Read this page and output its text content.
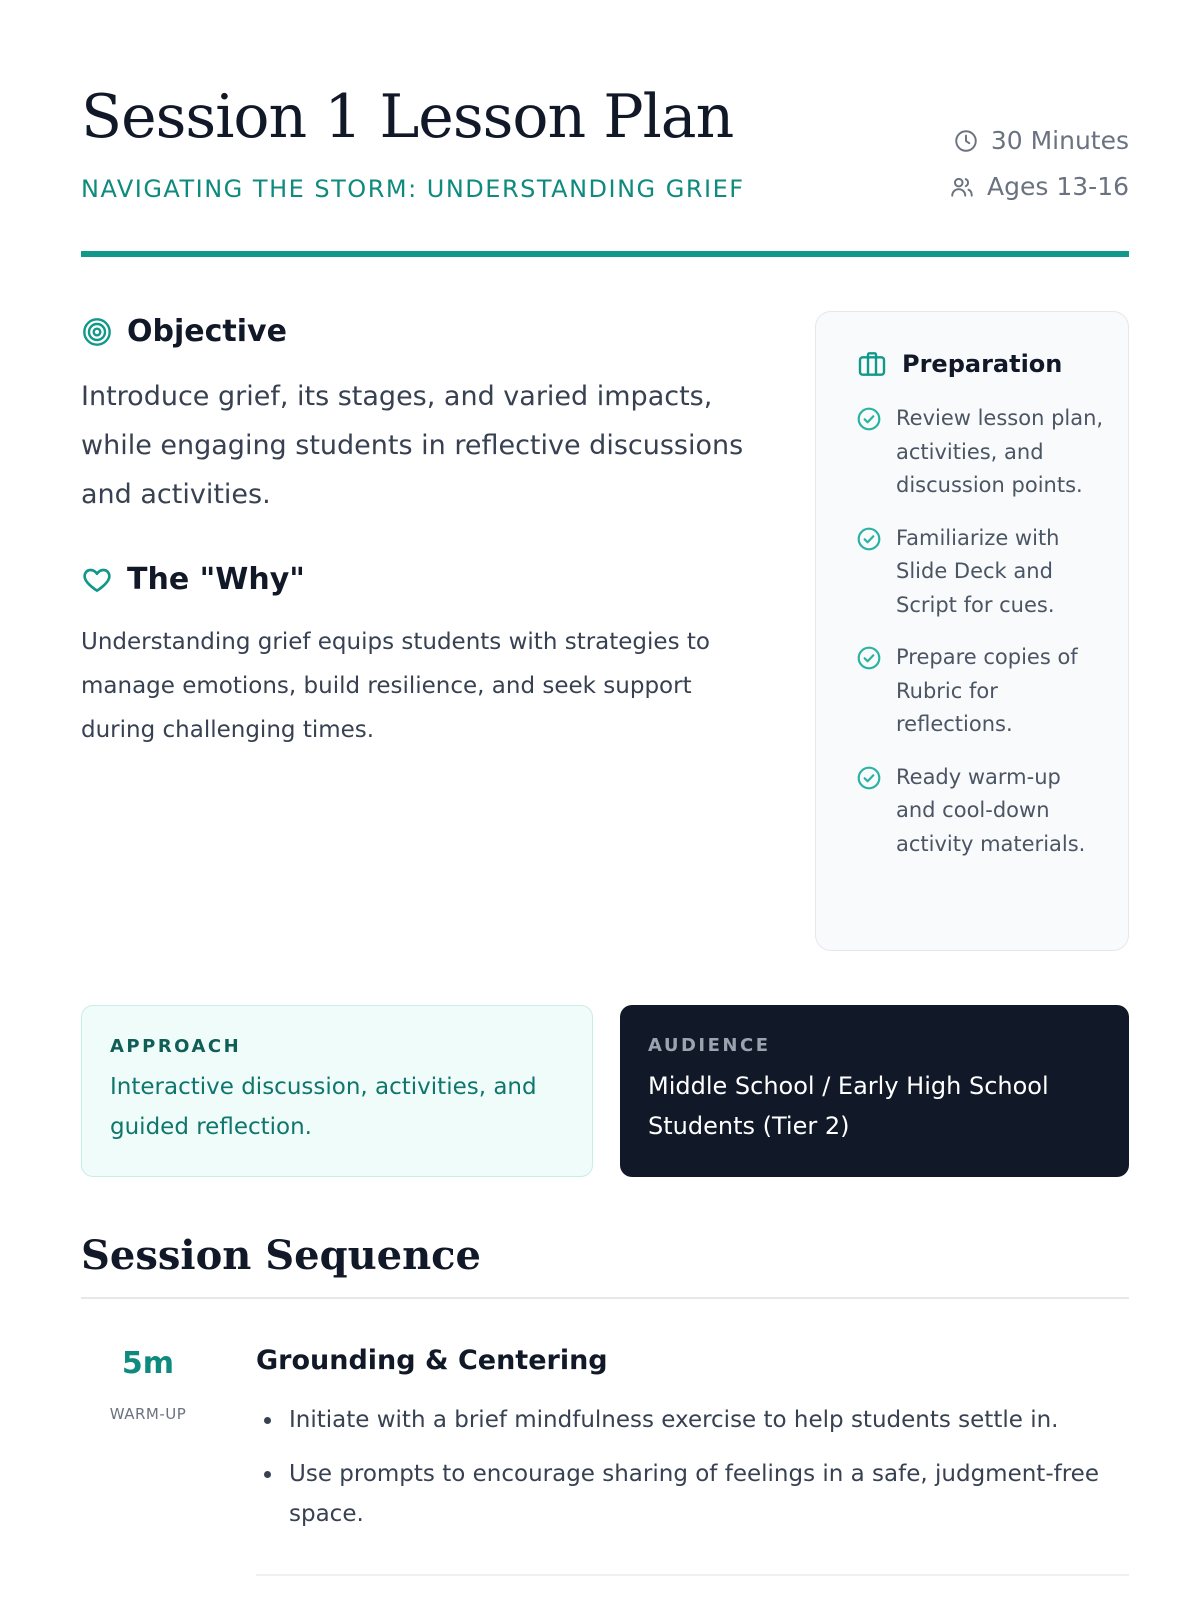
Session 1 Lesson Plan
NAVIGATING THE STORM: UNDERSTANDING GRIEF
30 Minutes
Ages 13-16
Objective

Introduce grief, its stages, and varied impacts, while engaging students in reflective discussions and activities.

The "Why"

Understanding grief equips students with strategies to manage emotions, build resilience, and seek support during challenging times.

Preparation
Review lesson plan, activities, and discussion points.
Familiarize with Slide Deck and Script for cues.
Prepare copies of Rubric for reflections.
Ready warm-up and cool-down activity materials.
APPROACH
Interactive discussion, activities, and guided reflection.
AUDIENCE
Middle School / Early High School Students (Tier 2)
Session Sequence
5m
WARM-UP
Grounding & Centering
Initiate with a brief mindfulness exercise to help students settle in.
Use prompts to encourage sharing of feelings in a safe, judgment-free space.
